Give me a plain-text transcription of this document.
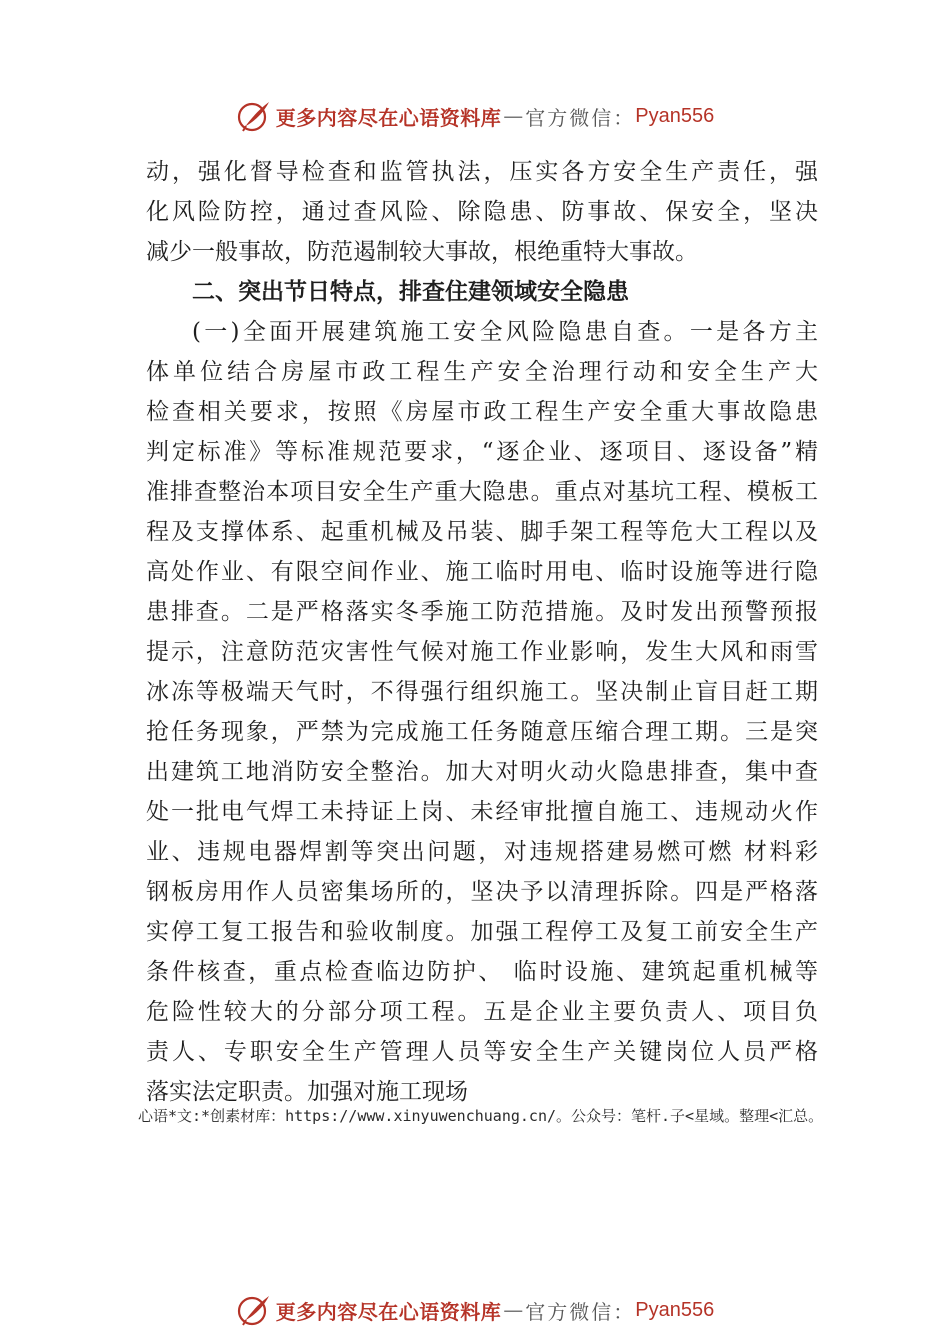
更多内容尽在心语资料库 — 官方微信： Pyan556
动，强化督导检查和监管执法，压实各方安全生产责任，强
化风险防控，通过查风险、除隐患、防事故、保安全，坚决
减少一般事故，防范遏制较大事故，根绝重特大事故。
二、突出节日特点，排查住建领域安全隐患
(一)全面开展建筑施工安全风险隐患自查。一是各方主
体单位结合房屋市政工程生产安全治理行动和安全生产大
检查相关要求，按照《房屋市政工程生产安全重大事故隐患
判定标准》等标准规范要求，“逐企业、逐项目、逐设备”精
准排查整治本项目安全生产重大隐患。重点对基坑工程、模板工
程及支撑体系、起重机械及吊装、脚手架工程等危大工程以及
高处作业、有限空间作业、施工临时用电、临时设施等进行隐
患排查。二是严格落实冬季施工防范措施。及时发出预警预报
提示，注意防范灾害性气候对施工作业影响，发生大风和雨雪
冰冻等极端天气时，不得强行组织施工。坚决制止盲目赶工期
抢任务现象，严禁为完成施工任务随意压缩合理工期。三是突
出建筑工地消防安全整治。加大对明火动火隐患排查，集中查
处一批电气焊工未持证上岗、未经审批擅自施工、违规动火作
业、违规电器焊割等突出问题，对违规搭建易燃可燃 材料彩
钢板房用作人员密集场所的，坚决予以清理拆除。四是严格落
实停工复工报告和验收制度。加强工程停工及复工前安全生产
条件核查，重点检查临边防护、 临时设施、建筑起重机械等
危险性较大的分部分项工程。五是企业主要负责人、项目负
责人、专职安全生产管理人员等安全生产关键岗位人员严格
落实法定职责。加强对施工现场
心语*文:*创素材库：https://www.xinyuwenchuang.cn/。公众号：笔杆.子<星域。整理<汇总。
更多内容尽在心语资料库 — 官方微信： Pyan556
